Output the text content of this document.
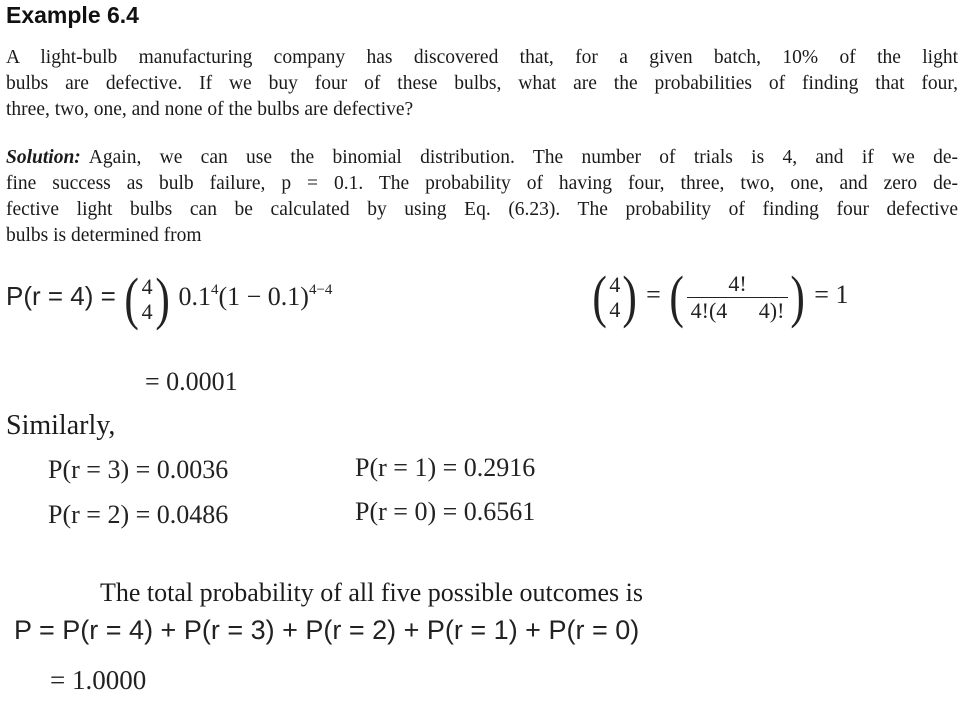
Example 6.4
A light-bulb manufacturing company has discovered that, for a given batch, 10% of the light
bulbs are defective. If we buy four of these bulbs, what are the probabilities of finding that four,
three, two, one, and none of the bulbs are defective?
Solution: Again, we can use the binomial distribution. The number of trials is 4, and if we de-
fine success as bulb failure, p = 0.1. The probability of having four, three, two, one, and zero de-
fective light bulbs can be calculated by using Eq. (6.23). The probability of finding four defective
bulbs is determined from
P(r = 4) = ( 4
4 ) $0.1^4(1 - 0.1)^{4-4}$
= 0.0001
( 4
4 ) = ( $\frac{4!}{4!(4 4)!}$ ) = 1
Similarly,
P(r = 3) = 0.0036
P(r = 2) = 0.0486
P(r = 1) = 0.2916
P(r = 0) = 0.6561
The total probability of all five possible outcomes is
P = P(r = 4) + P(r = 3) + P(r = 2) + P(r = 1) + P(r = 0)
= 1.0000
